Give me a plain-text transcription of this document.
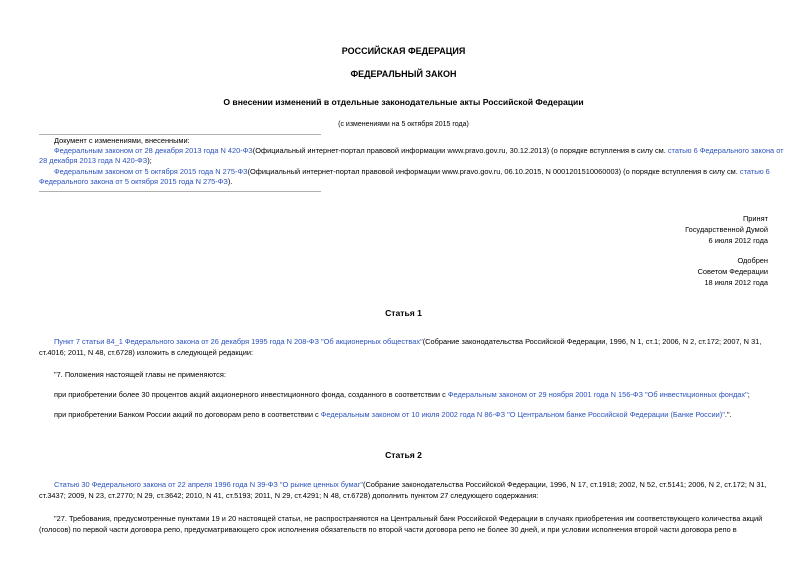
РОССИЙСКАЯ ФЕДЕРАЦИЯ
ФЕДЕРАЛЬНЫЙ ЗАКОН
О внесении изменений в отдельные законодательные акты Российской Федерации
(с изменениями на 5 октября 2015 года)
Документ с изменениями, внесенными:
Федеральным законом от 28 декабря 2013 года N 420-ФЗ(Официальный интернет-портал правовой информации www.pravo.gov.ru, 30.12.2013) (о порядке вступления в силу см. статью 6 Федерального закона от
28 декабря 2013 года N 420-ФЗ);
Федеральным законом от 5 октября 2015 года N 275-ФЗ(Официальный интернет-портал правовой информации www.pravo.gov.ru, 06.10.2015, N 0001201510060003) (о порядке вступления в силу см. статью 6
Федерального закона от 5 октября 2015 года N 275-ФЗ).
Принят
Государственной Думой
6 июля 2012 года
Одобрен
Советом Федерации
18 июля 2012 года
Статья 1
Пункт 7 статьи 84_1 Федерального закона от 26 декабря 1995 года N 208-ФЗ "Об акционерных обществах"(Собрание законодательства Российской Федерации, 1996, N 1, ст.1; 2006, N 2, ст.172; 2007, N 31,
ст.4016; 2011, N 48, ст.6728) изложить в следующей редакции:
"7. Положения настоящей главы не применяются:
при приобретении более 30 процентов акций акционерного инвестиционного фонда, созданного в соответствии с Федеральным законом от 29 ноября 2001 года N 156-ФЗ "Об инвестиционных фондах";
при приобретении Банком России акций по договорам репо в соответствии с Федеральным законом от 10 июля 2002 года N 86-ФЗ "О Центральном банке Российской Федерации (Банке России)".".
Статья 2
Статью 30 Федерального закона от 22 апреля 1996 года N 39-ФЗ "О рынке ценных бумаг"(Собрание законодательства Российской Федерации, 1996, N 17, ст.1918; 2002, N 52, ст.5141; 2006, N 2, ст.172; N 31,
ст.3437; 2009, N 23, ст.2770; N 29, ст.3642; 2010, N 41, ст.5193; 2011, N 29, ст.4291; N 48, ст.6728) дополнить пунктом 27 следующего содержания:
"27. Требования, предусмотренные пунктами 19 и 20 настоящей статьи, не распространяются на Центральный банк Российской Федерации в случаях приобретения им соответствующего количества акций
(голосов) по первой части договора репо, предусматривающего срок исполнения обязательств по второй части договора репо не более 30 дней, и при условии исполнения второй части договора репо в
